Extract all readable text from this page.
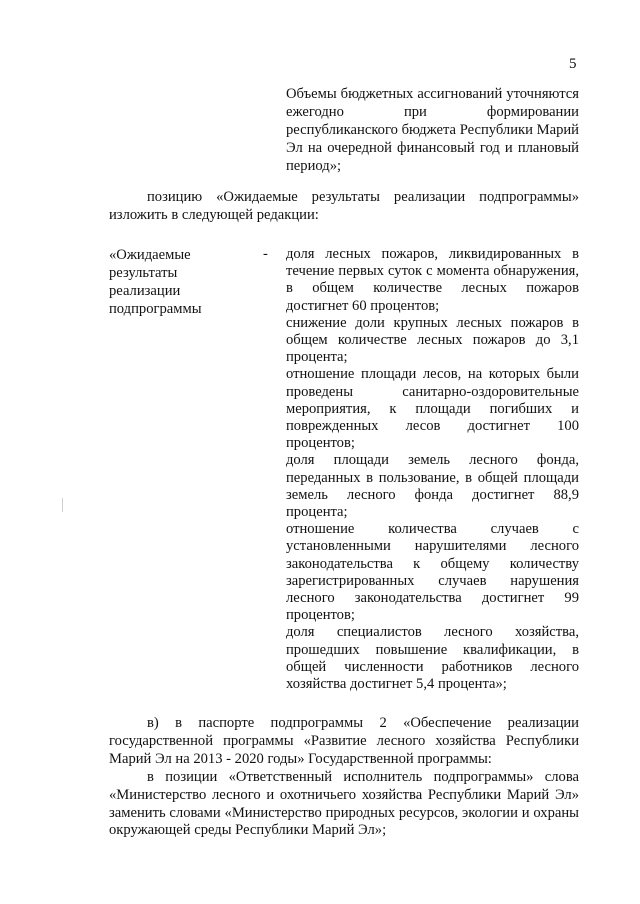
5
Объемы бюджетных ассигнований уточняются ежегодно при формировании республиканского бюджета Республики Марий Эл на очередной финансовый год и плановый период»;
позицию «Ожидаемые результаты реализации подпрограммы» изложить в следующей редакции:
«Ожидаемые результаты реализации подпрограммы
- доля лесных пожаров, ликвидированных в течение первых суток с момента обнаружения, в общем количестве лесных пожаров достигнет 60 процентов;
снижение доли крупных лесных пожаров в общем количестве лесных пожаров до 3,1 процента;
отношение площади лесов, на которых были проведены санитарно-оздоровительные мероприятия, к площади погибших и поврежденных лесов достигнет 100 процентов;
доля площади земель лесного фонда, переданных в пользование, в общей площади земель лесного фонда достигнет 88,9 процента;
отношение количества случаев с установленными нарушителями лесного законодательства к общему количеству зарегистрированных случаев нарушения лесного законодательства достигнет 99 процентов;
доля специалистов лесного хозяйства, прошедших повышение квалификации, в общей численности работников лесного хозяйства достигнет 5,4 процента»;
в) в паспорте подпрограммы 2 «Обеспечение реализации государственной программы «Развитие лесного хозяйства Республики Марий Эл на 2013 - 2020 годы» Государственной программы:
в позиции «Ответственный исполнитель подпрограммы» слова «Министерство лесного и охотничьего хозяйства Республики Марий Эл» заменить словами «Министерство природных ресурсов, экологии и охраны окружающей среды Республики Марий Эл»;
